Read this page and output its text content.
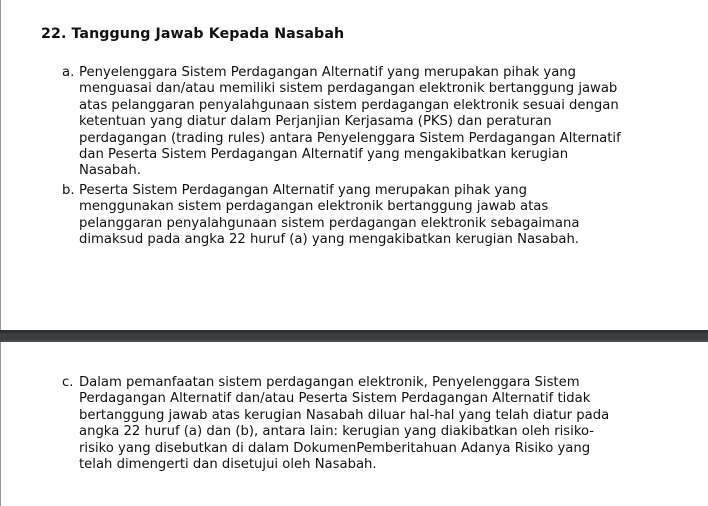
22. Tanggung Jawab Kepada Nasabah
a. Penyelenggara Sistem Perdagangan Alternatif yang merupakan pihak yang
menguasai dan/atau memiliki sistem perdagangan elektronik bertanggung jawab
atas pelanggaran penyalahgunaan sistem perdagangan elektronik sesuai dengan
ketentuan yang diatur dalam Perjanjian Kerjasama (PKS) dan peraturan
perdagangan (trading rules) antara Penyelenggara Sistem Perdagangan Alternatif
dan Peserta Sistem Perdagangan Alternatif yang mengakibatkan kerugian
Nasabah.
b. Peserta Sistem Perdagangan Alternatif yang merupakan pihak yang
menggunakan sistem perdagangan elektronik bertanggung jawab atas
pelanggaran penyalahgunaan sistem perdagangan elektronik sebagaimana
dimaksud pada angka 22 huruf (a) yang mengakibatkan kerugian Nasabah.
c. Dalam pemanfaatan sistem perdagangan elektronik, Penyelenggara Sistem
Perdagangan Alternatif dan/atau Peserta Sistem Perdagangan Alternatif tidak
bertanggung jawab atas kerugian Nasabah diluar hal-hal yang telah diatur pada
angka 22 huruf (a) dan (b), antara lain: kerugian yang diakibatkan oleh risiko-
risiko yang disebutkan di dalam DokumenPemberitahuan Adanya Risiko yang
telah dimengerti dan disetujui oleh Nasabah.
